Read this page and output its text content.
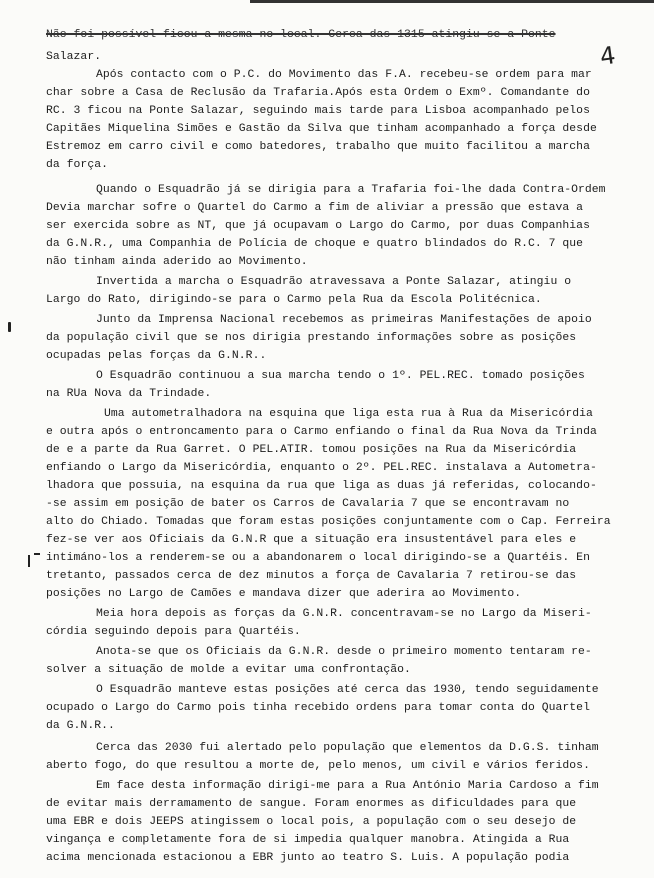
4
Não foi possível ficou a mesma no local. Cerca das 1315 atingiu-se a Ponte
Salazar.
Após contacto com o P.C. do Movimento das F.A. recebeu-se ordem para mar
char sobre a Casa de Reclusão da Trafaria.Após esta Ordem o Exmº. Comandante do
RC. 3 ficou na Ponte Salazar, seguindo mais tarde para Lisboa acompanhado pelos
Capitães Miquelina Simões e Gastão da Silva que tinham acompanhado a força desde
Estremoz em carro civil e como batedores, trabalho que muito facilitou a marcha
da força.
Quando o Esquadrão já se dirigia para a Trafaria foi-lhe dada Contra-Ordem
Devia marchar sofre o Quartel do Carmo a fim de aliviar a pressão que estava a
ser exercida sobre as NT, que já ocupavam o Largo do Carmo, por duas Companhias
da G.N.R., uma Companhia de Polícia de choque e quatro blindados do R.C. 7 que
não tinham ainda aderido ao Movimento.
Invertida a marcha o Esquadrão atravessava a Ponte Salazar, atingiu o
Largo do Rato, dirigindo-se para o Carmo pela Rua da Escola Politécnica.
Junto da Imprensa Nacional recebemos as primeiras Manifestações de apoio
da população civil que se nos dirigia prestando informações sobre as posições
ocupadas pelas forças da G.N.R..
O Esquadrão continuou a sua marcha tendo o 1º. PEL.REC. tomado posições
na RUa Nova da Trindade.
Uma autometralhadora na esquina que liga esta rua à Rua da Misericórdia
e outra após o entroncamento para o Carmo enfiando o final da Rua Nova da Trinda
de e a parte da Rua Garret. O PEL.ATIR. tomou posições na Rua da Misericórdia
enfiando o Largo da Misericórdia, enquanto o 2º. PEL.REC. instalava a Autometra-
lhadora que possuia, na esquina da rua que liga as duas já referidas, colocando-
-se assim em posição de bater os Carros de Cavalaria 7 que se encontravam no
alto do Chiado. Tomadas que foram estas posições conjuntamente com o Cap. Ferreira
fez-se ver aos Oficiais da G.N.R que a situação era insustentável para eles e
intimáno-los a renderem-se ou a abandonarem o local dirigindo-se a Quartéis. En
tretanto, passados cerca de dez minutos a força de Cavalaria 7 retirou-se das
posições no Largo de Camões e mandava dizer que aderira ao Movimento.
Meia hora depois as forças da G.N.R. concentravam-se no Largo da Miseri-
córdia seguindo depois para Quartéis.
Anota-se que os Oficiais da G.N.R. desde o primeiro momento tentaram re-
solver a situação de molde a evitar uma confrontação.
O Esquadrão manteve estas posições até cerca das 1930, tendo seguidamente
ocupado o Largo do Carmo pois tinha recebido ordens para tomar conta do Quartel
da G.N.R..
Cerca das 2030 fui alertado pelo população que elementos da D.G.S. tinham
aberto fogo, do que resultou a morte de, pelo menos, um civil e vários feridos.
Em face desta informação dirigi-me para a Rua António Maria Cardoso a fim
de evitar mais derramamento de sangue. Foram enormes as dificuldades para que
uma EBR e dois JEEPS atingissem o local pois, a população com o seu desejo de
vingança e completamente fora de si impedia qualquer manobra. Atingida a Rua
acima mencionada estacionou a EBR junto ao teatro S. Luis. A população podia
